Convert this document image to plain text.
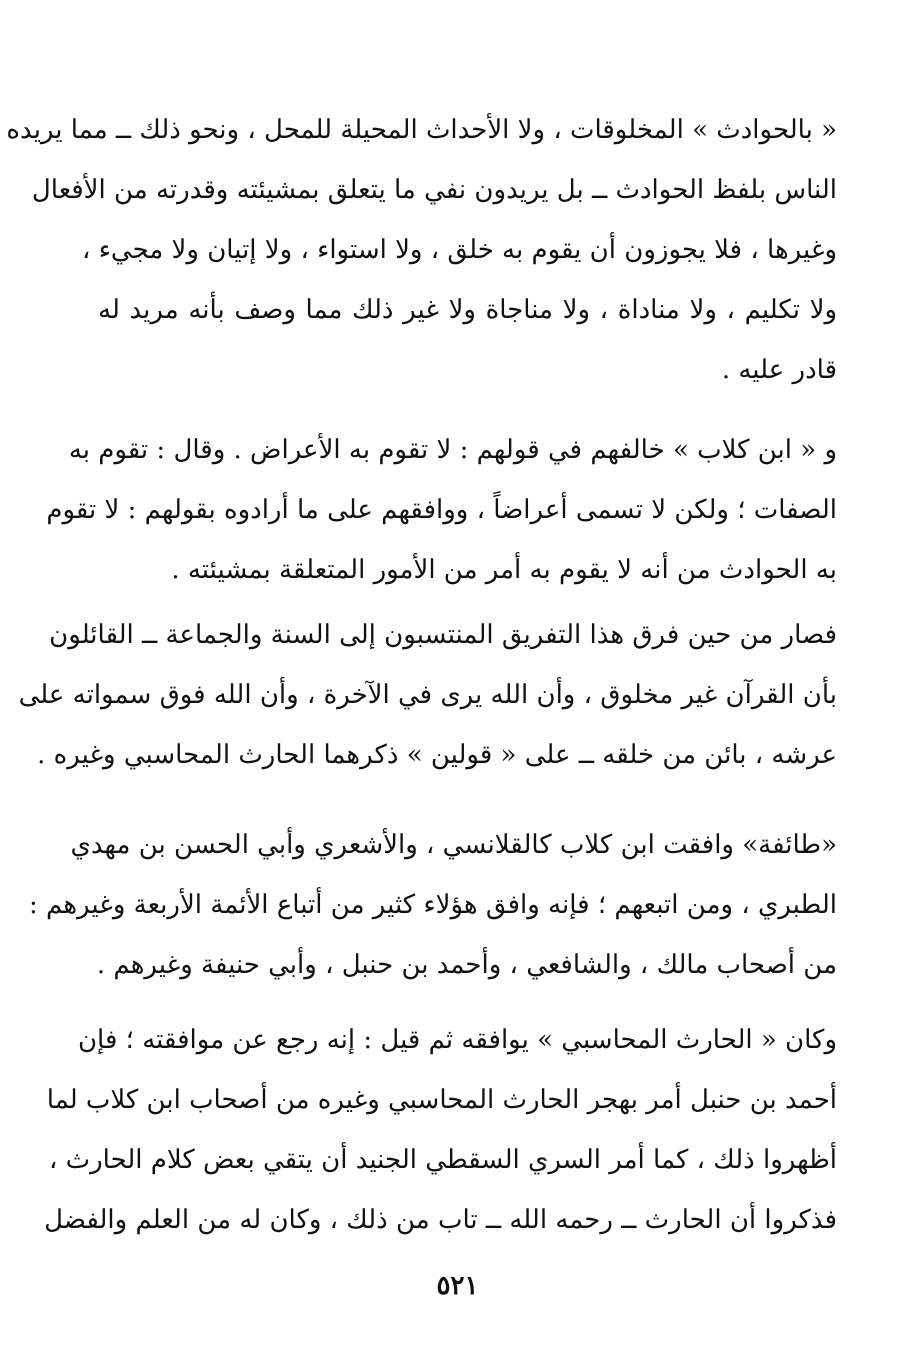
« بالحوادث » المخلوقات ، ولا الأحداث المحيلة للمحل ، ونحو ذلك ــ مما يريده
الناس بلفظ الحوادث ــ بل يريدون نفي ما يتعلق بمشيئته وقدرته من الأفعال
وغيرها ، فلا يجوزون أن يقوم به خلق ، ولا استواء ، ولا إتيان ولا مجيء ،
ولا تكليم ، ولا مناداة ، ولا مناجاة ولا غير ذلك مما وصف بأنه مريد له
قادر عليه .
و « ابن كلاب » خالفهم في قولهم : لا تقوم به الأعراض . وقال : تقوم به
الصفات ؛ ولكن لا تسمى أعراضاً ، ووافقهم على ما أرادوه بقولهم : لا تقوم
به الحوادث من أنه لا يقوم به أمر من الأمور المتعلقة بمشيئته .
فصار من حين فرق هذا التفريق المنتسبون إلى السنة والجماعة ــ القائلون
بأن القرآن غير مخلوق ، وأن الله يرى في الآخرة ، وأن الله فوق سمواته على
عرشه ، بائن من خلقه ــ على « قولين » ذكرهما الحارث المحاسبي وغيره .
«طائفة» وافقت ابن كلاب كالقلانسي ، والأشعري وأبي الحسن بن مهدي
الطبري ، ومن اتبعهم ؛ فإنه وافق هؤلاء كثير من أتباع الأئمة الأربعة وغيرهم :
من أصحاب مالك ، والشافعي ، وأحمد بن حنبل ، وأبي حنيفة وغيرهم .
وكان « الحارث المحاسبي » يوافقه ثم قيل : إنه رجع عن موافقته ؛ فإن
أحمد بن حنبل أمر بهجر الحارث المحاسبي وغيره من أصحاب ابن كلاب لما
أظهروا ذلك ، كما أمر السري السقطي الجنيد أن يتقي بعض كلام الحارث ،
فذكروا أن الحارث ــ رحمه الله ــ تاب من ذلك ، وكان له من العلم والفضل
٥٢١
